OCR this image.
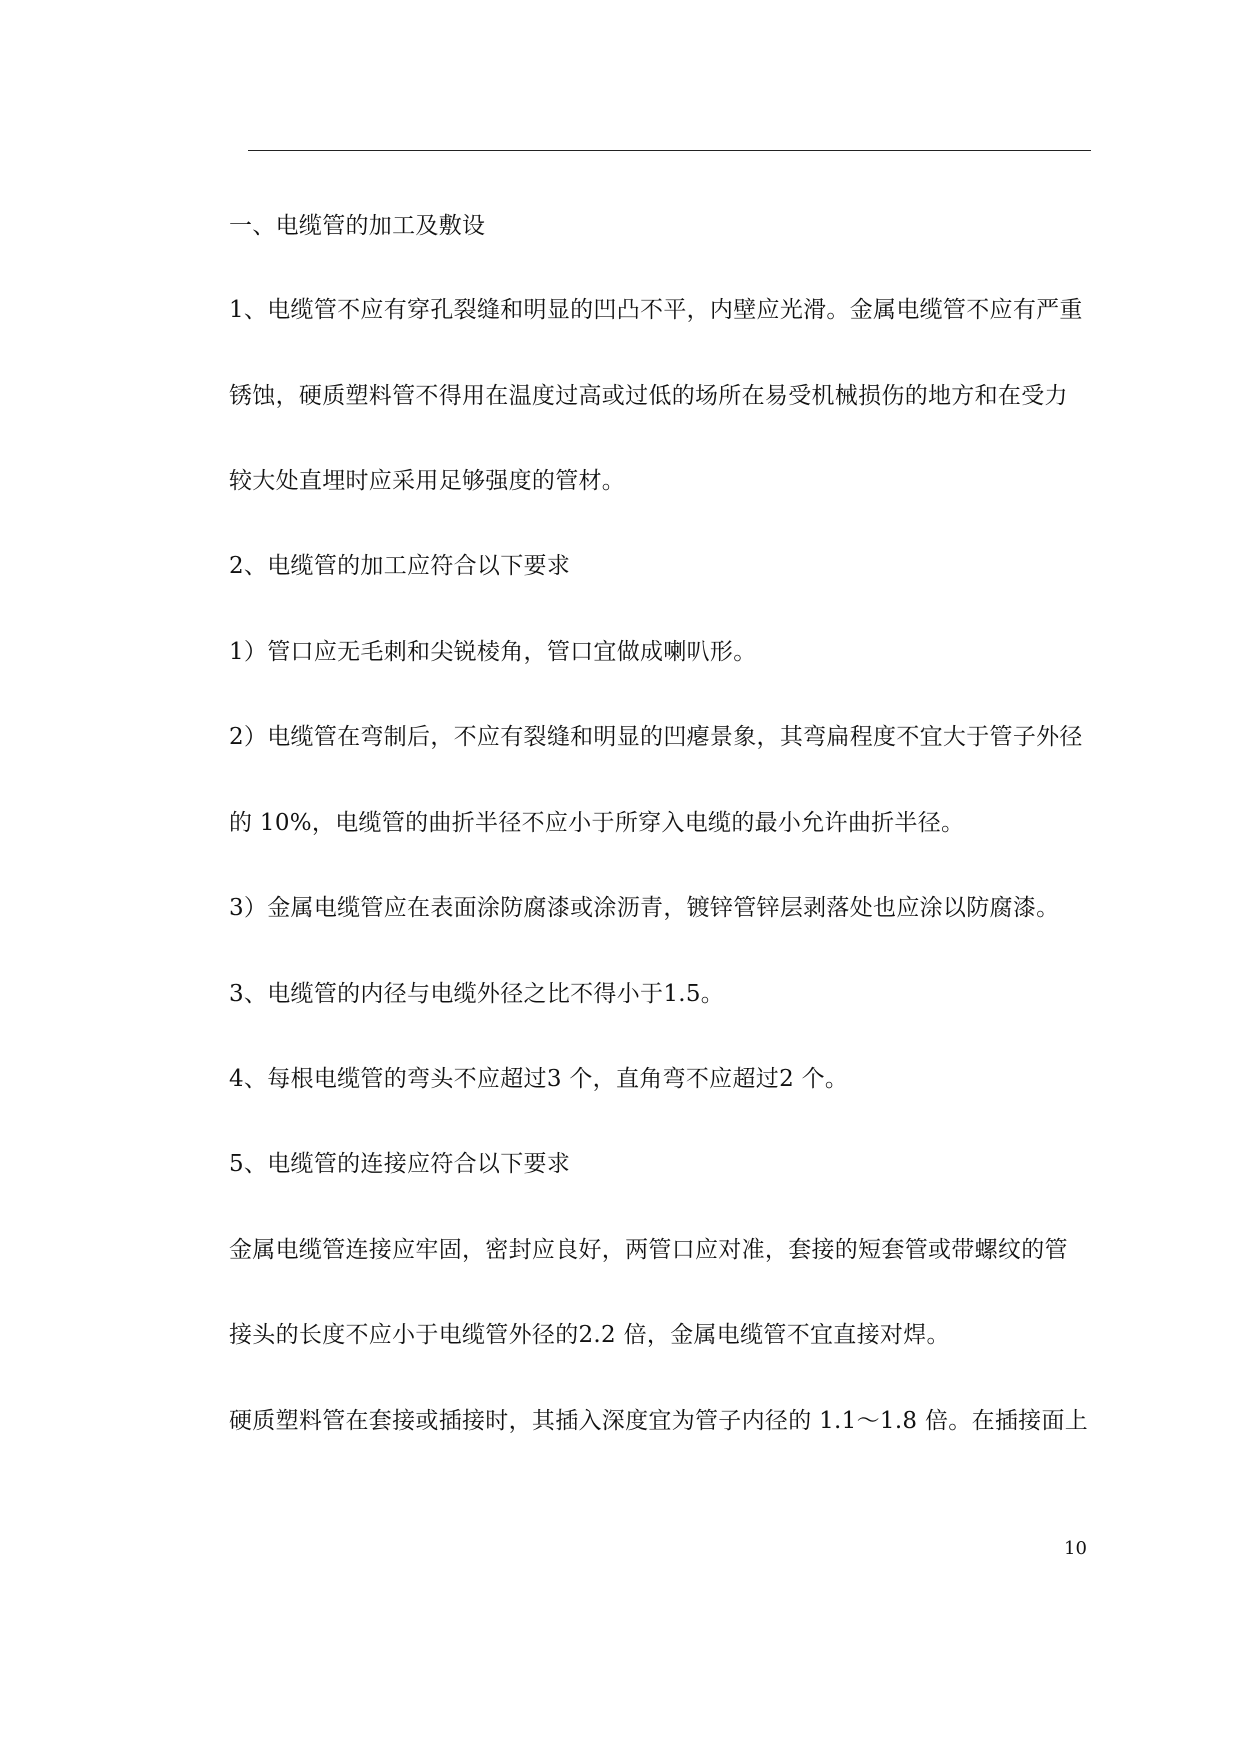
一、电缆管的加工及敷设
1、电缆管不应有穿孔裂缝和明显的凹凸不平，内壁应光滑。金属电缆管不应有严重
锈蚀，硬质塑料管不得用在温度过高或过低的场所在易受机械损伤的地方和在受力
较大处直埋时应采用足够强度的管材。
2、电缆管的加工应符合以下要求
1）管口应无毛刺和尖锐棱角，管口宜做成喇叭形。
2）电缆管在弯制后，不应有裂缝和明显的凹瘪景象，其弯扁程度不宜大于管子外径
的 10%，电缆管的曲折半径不应小于所穿入电缆的最小允许曲折半径。
3）金属电缆管应在表面涂防腐漆或涂沥青，镀锌管锌层剥落处也应涂以防腐漆。
3、电缆管的内径与电缆外径之比不得小于1.5。
4、每根电缆管的弯头不应超过3 个，直角弯不应超过2 个。
5、电缆管的连接应符合以下要求
金属电缆管连接应牢固，密封应良好，两管口应对准，套接的短套管或带螺纹的管
接头的长度不应小于电缆管外径的2.2 倍，金属电缆管不宜直接对焊。
硬质塑料管在套接或插接时，其插入深度宜为管子内径的 1.1～1.8 倍。在插接面上
10
